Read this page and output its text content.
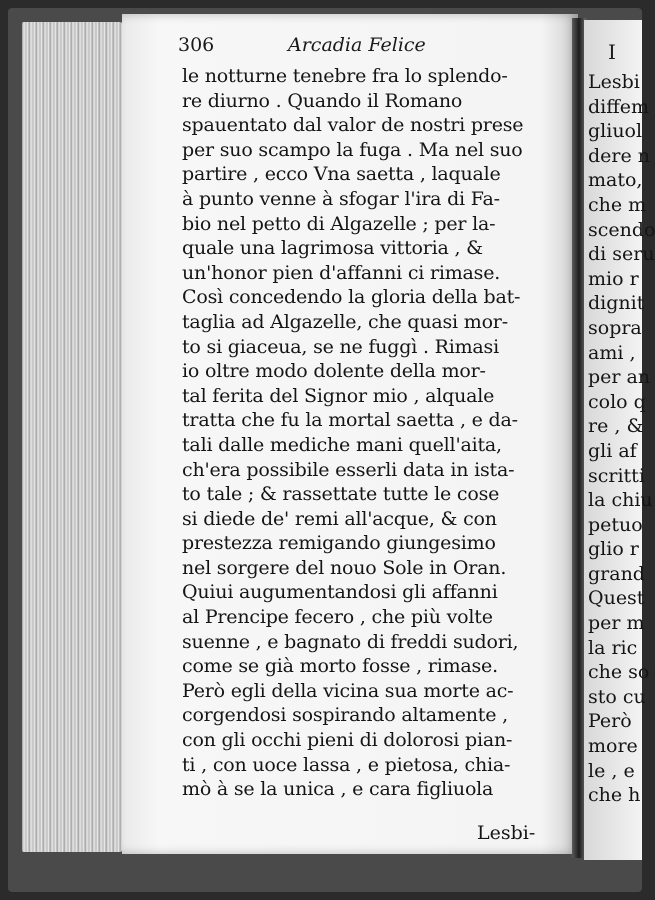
306	Arcadia Felice
le notturne tenebre fra lo splendo-
re diurno . Quando il Romano
spauentato dal valor de nostri prese
per suo scampo la fuga . Ma nel suo
partire , ecco Vna saetta , laquale
à punto venne à sfogar l'ira di Fa-
bio nel petto di Algazelle ; per la-
quale una lagrimosa vittoria , &
un'honor pien d'affanni ci rimase.
Così concedendo la gloria della bat-
taglia ad Algazelle, che quasi mor-
to si giaceua, se ne fuggì . Rimasi
io oltre modo dolente della mor-
tal ferita del Signor mio , alquale
tratta che fu la mortal saetta , e da-
tali dalle mediche mani quell'aita,
ch'era possibile esserli data in ista-
to tale ; & rassettate tutte le cose
si diede de' remi all'acque, & con
prestezza remigando giungesimo
nel sorgere del nouo Sole in Oran.
Quiui augumentandosi gli affanni
al Prencipe fecero , che più volte
suenne , e bagnato di freddi sudori,
come se già morto fosse , rimase.
Però egli della vicina sua morte ac-
corgendosi sospirando altamente ,
con gli occhi pieni di dolorosi pian-
ti , con uoce lassa , e pietosa, chia-
mò à se la unica , e cara figliuola
Lesbi-
I
Lesbi
diffem
gliuol
dere n
mato,
che m
scendo
di seru
mio r
dignit
sopra
ami ,
per an
colo q
re , &
gli af
scritti
la chiu
petuo
glio r
grand
Quest
per m
la ric
che so
sto cu
Però
more
le , e
che h
